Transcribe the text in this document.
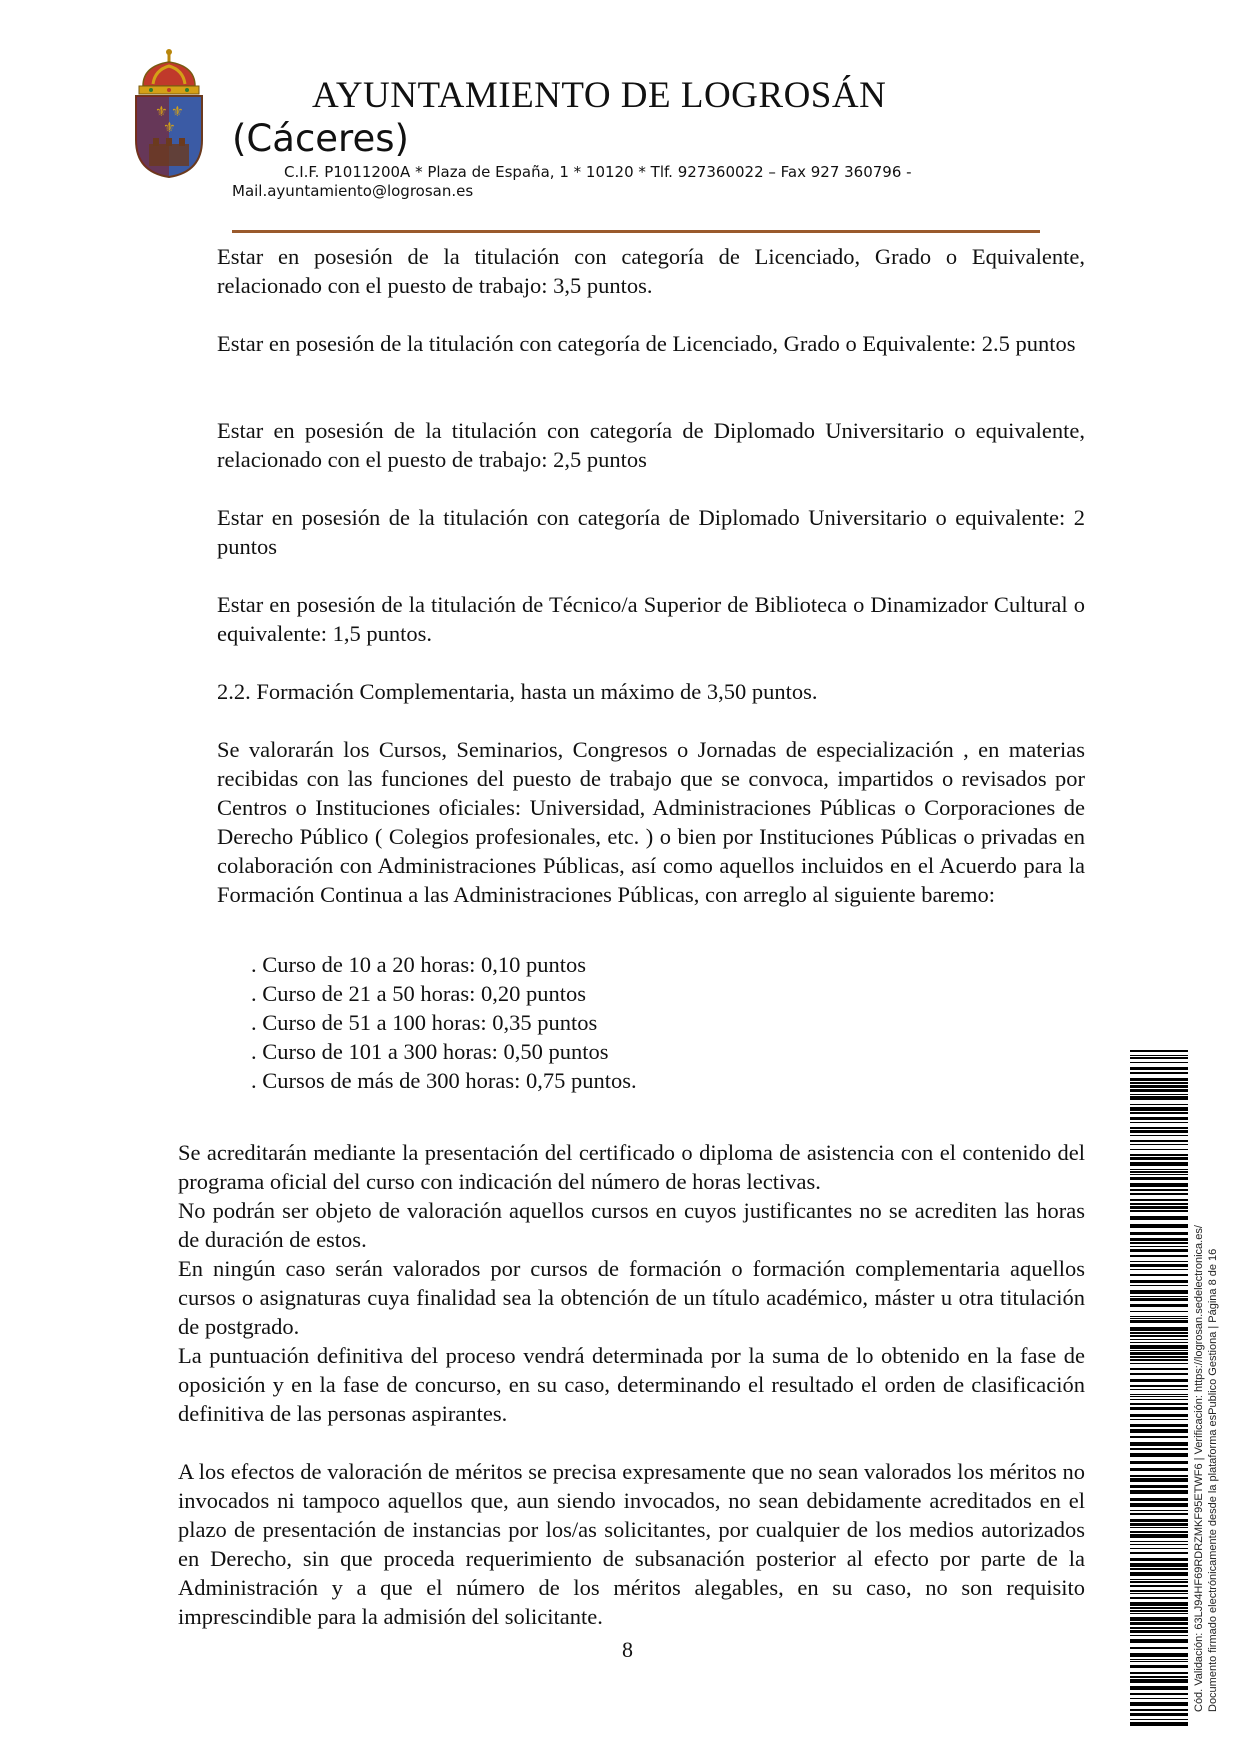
⚜ ⚜
⚜
AYUNTAMIENTO DE LOGROSÁN
(Cáceres)
C.I.F. P1011200A * Plaza de España, 1 * 10120 * Tlf. 927360022 – Fax 927 360796 -
Mail.ayuntamiento@logrosan.es

Estar en posesión de la titulación con categoría de Licenciado, Grado o Equivalente, relacionado con el puesto de trabajo: 3,5 puntos.

Estar en posesión de la titulación con categoría de Licenciado, Grado o Equivalente: 2.5 puntos

Estar en posesión de la titulación con categoría de Diplomado Universitario o equivalente, relacionado con el puesto de trabajo: 2,5 puntos

Estar en posesión de la titulación con categoría de Diplomado Universitario o equivalente: 2 puntos

Estar en posesión de la titulación de Técnico/a Superior de Biblioteca o Dinamizador Cultural o equivalente: 1,5 puntos.

2.2. Formación Complementaria, hasta un máximo de 3,50 puntos.

Se valorarán los Cursos, Seminarios, Congresos o Jornadas de especialización , en materias recibidas con las funciones del puesto de trabajo que se convoca, impartidos o revisados por Centros o Instituciones oficiales: Universidad, Administraciones Públicas o Corporaciones de Derecho Público ( Colegios profesionales, etc. ) o bien por Instituciones Públicas o privadas en colaboración con Administraciones Públicas, así como aquellos incluidos en el Acuerdo para la Formación Continua a las Administraciones Públicas, con arreglo al siguiente baremo:

. Curso de 10 a 20 horas: 0,10 puntos
. Curso de 21 a 50 horas: 0,20 puntos
. Curso de 51 a 100 horas: 0,35 puntos
. Curso de 101 a 300 horas: 0,50 puntos
. Cursos de más de 300 horas: 0,75 puntos.

Se acreditarán mediante la presentación del certificado o diploma de asistencia con el contenido del programa oficial del curso con indicación del número de horas lectivas.

No podrán ser objeto de valoración aquellos cursos en cuyos justificantes no se acrediten las horas de duración de estos.

En ningún caso serán valorados por cursos de formación o formación complementaria aquellos cursos o asignaturas cuya finalidad sea la obtención de un título académico, máster u otra titulación de postgrado.

La puntuación definitiva del proceso vendrá determinada por la suma de lo obtenido en la fase de oposición y en la fase de concurso, en su caso, determinando el resultado el orden de clasificación definitiva de las personas aspirantes.

A los efectos de valoración de méritos se precisa expresamente que no sean valorados los méritos no invocados ni tampoco aquellos que, aun siendo invocados, no sean debidamente acreditados en el plazo de presentación de instancias por los/as solicitantes, por cualquier de los medios autorizados en Derecho, sin que proceda requerimiento de subsanación posterior al efecto por parte de la Administración y a que el número de los méritos alegables, en su caso, no son requisito imprescindible para la admisión del solicitante.

8	Cód. Validación: 63LJ94HF69RDRZMKF95ETWF6 | Verificación: https://logrosan.sedelectronica.es/ Documento firmado electrónicamente desde la plataforma esPublico Gestiona | Página 8 de 16
